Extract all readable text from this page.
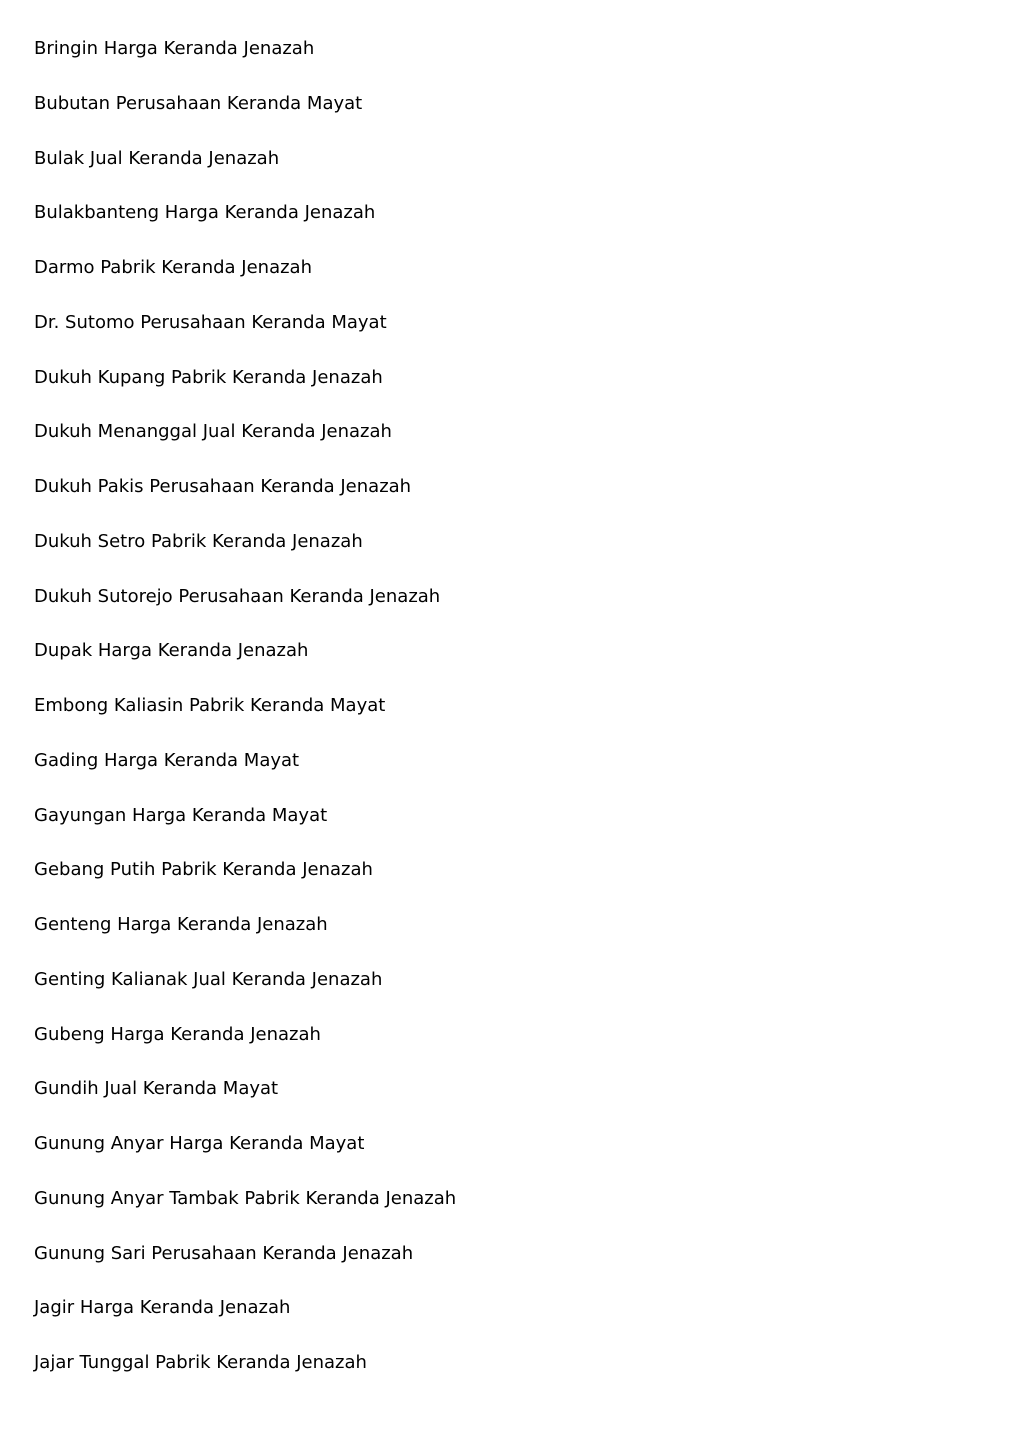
Bringin Harga Keranda Jenazah
Bubutan Perusahaan Keranda Mayat
Bulak Jual Keranda Jenazah
Bulakbanteng Harga Keranda Jenazah
Darmo Pabrik Keranda Jenazah
Dr. Sutomo Perusahaan Keranda Mayat
Dukuh Kupang Pabrik Keranda Jenazah
Dukuh Menanggal Jual Keranda Jenazah
Dukuh Pakis Perusahaan Keranda Jenazah
Dukuh Setro Pabrik Keranda Jenazah
Dukuh Sutorejo Perusahaan Keranda Jenazah
Dupak Harga Keranda Jenazah
Embong Kaliasin Pabrik Keranda Mayat
Gading Harga Keranda Mayat
Gayungan Harga Keranda Mayat
Gebang Putih Pabrik Keranda Jenazah
Genteng Harga Keranda Jenazah
Genting Kalianak Jual Keranda Jenazah
Gubeng Harga Keranda Jenazah
Gundih Jual Keranda Mayat
Gunung Anyar Harga Keranda Mayat
Gunung Anyar Tambak Pabrik Keranda Jenazah
Gunung Sari Perusahaan Keranda Jenazah
Jagir Harga Keranda Jenazah
Jajar Tunggal Pabrik Keranda Jenazah
